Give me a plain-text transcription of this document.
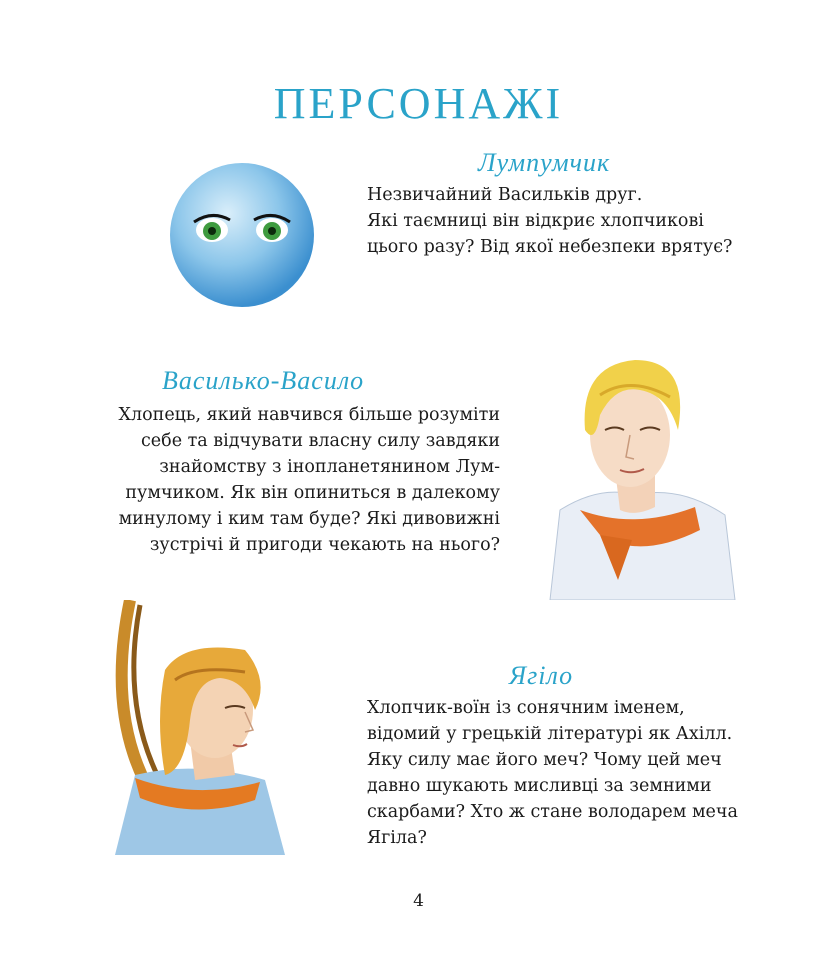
ПЕРСОНАЖІ
Лумпумчик

Незвичайний Васильків друг.
Які таємниці він відкриє хлопчикові
цього разу? Від якої небезпеки врятує?

Василько-Василo

Хлопець, який навчився більше розуміти
себе та відчувати власну силу завдяки
знайомству з інопланетянином Лум-
пумчиком. Як він опиниться в далекому
минулому і ким там буде? Які дивовижні
зустрічі й пригоди чекають на нього?

Ягіло

Хлопчик-воїн із сонячним іменем,
відомий у грецькій літературі як Ахілл.
Яку силу має його меч? Чому цей меч
давно шукають мисливці за земними
скарбами? Хто ж стане володарем меча
Ягіла?

4
